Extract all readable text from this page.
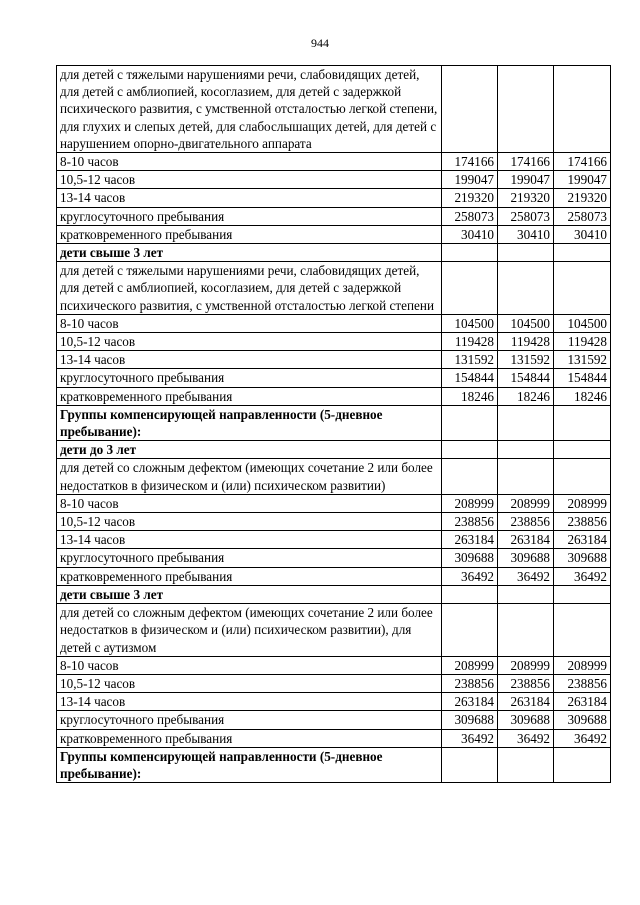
944
для детей с тяжелыми нарушениями речи, слабовидящих детей, для детей с амблиопией, косоглазием, для детей с задержкой психического развития, с умственной отсталостью легкой степени, для глухих и слепых детей, для слабослышащих детей, для детей с нарушением опорно-двигательного аппарата			
8-10 часов	174166	174166	174166
10,5-12 часов	199047	199047	199047
13-14 часов	219320	219320	219320
круглосуточного пребывания	258073	258073	258073
кратковременного пребывания	30410	30410	30410
дети свыше 3 лет			
для детей с тяжелыми нарушениями речи, слабовидящих детей, для детей с амблиопией, косоглазием, для детей с задержкой психического развития, с умственной отсталостью легкой степени			
8-10 часов	104500	104500	104500
10,5-12 часов	119428	119428	119428
13-14 часов	131592	131592	131592
круглосуточного пребывания	154844	154844	154844
кратковременного пребывания	18246	18246	18246
Группы компенсирующей направленности (5-дневное пребывание):			
дети до 3 лет			
для детей со сложным дефектом (имеющих сочетание 2 или более недостатков в физическом и (или) психическом развитии)			
8-10 часов	208999	208999	208999
10,5-12 часов	238856	238856	238856
13-14 часов	263184	263184	263184
круглосуточного пребывания	309688	309688	309688
кратковременного пребывания	36492	36492	36492
дети свыше 3 лет			
для детей со сложным дефектом (имеющих сочетание 2 или более недостатков в физическом и (или) психическом развитии), для детей с аутизмом			
8-10 часов	208999	208999	208999
10,5-12 часов	238856	238856	238856
13-14 часов	263184	263184	263184
круглосуточного пребывания	309688	309688	309688
кратковременного пребывания	36492	36492	36492
Группы компенсирующей направленности (5-дневное пребывание):			
